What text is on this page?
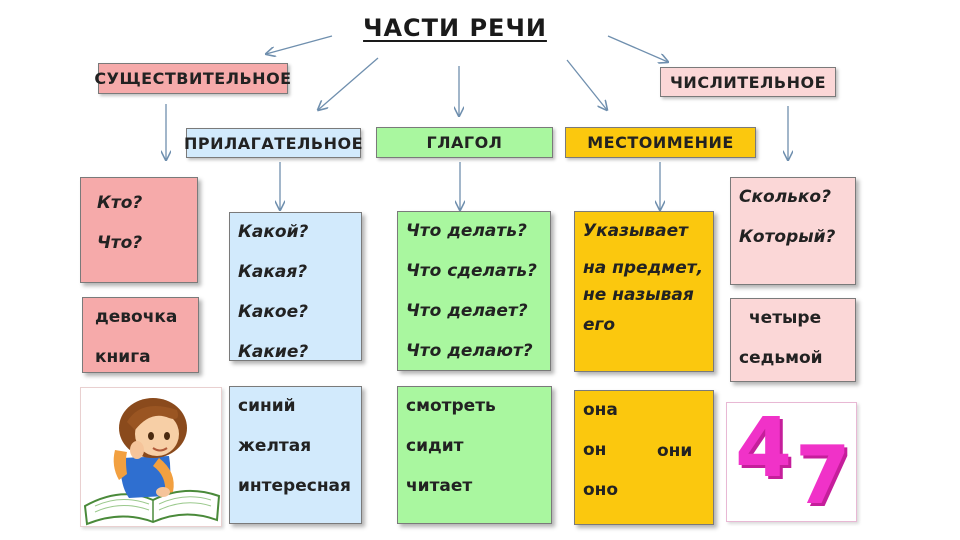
ЧАСТИ РЕЧИ
СУЩЕСТВИТЕЛЬНОЕ
ПРИЛАГАТЕЛЬНОЕ	ГЛАГОЛ	МЕСТОИМЕНИЕ
ЧИСЛИТЕЛЬНОЕ
Кто?
Что?
девочка
книга
Какой?
Какая?
Какое?
Какие?
синий
желтая
интересная
Что делать?
Что сделать?
Что делает?
Что делают?
смотреть
сидит
читает
Указывает
на предмет,
не называя
его
она
он
оно
они
Сколько?
Который?
четыре
седьмой
4 7
